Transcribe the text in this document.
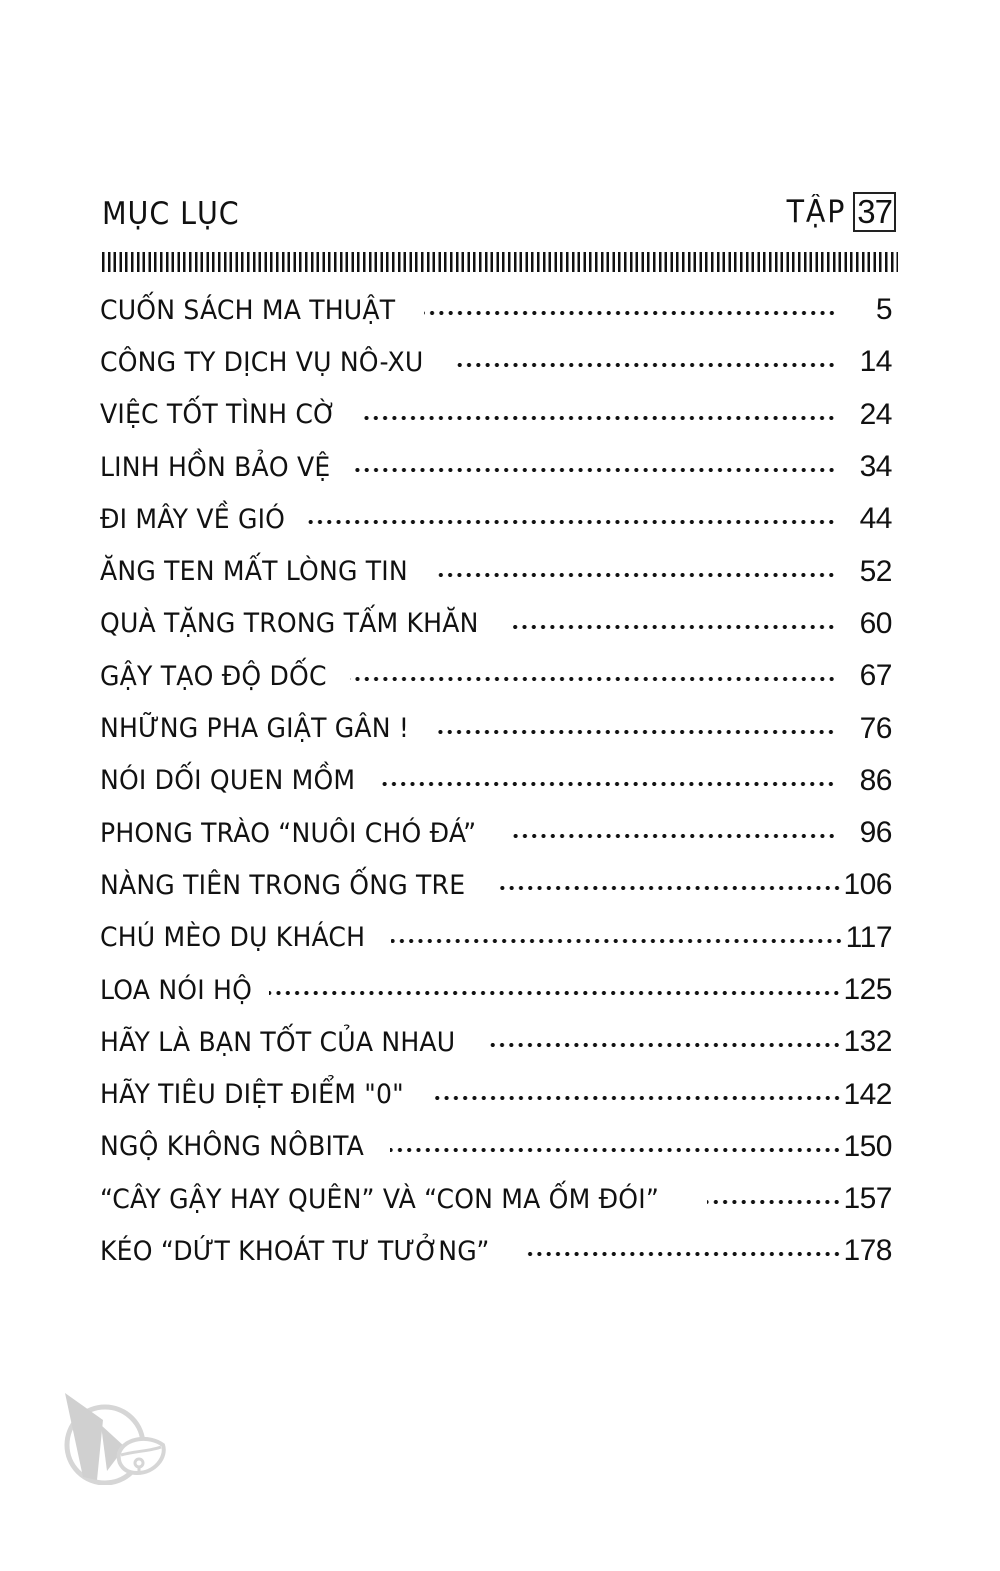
MỤC LỤC	TẬP 37
CUỐN SÁCH MA THUẬT	5
CÔNG TY DỊCH VỤ NÔ-XU	14
VIỆC TỐT TÌNH CỜ	24
LINH HỒN BẢO VỆ	34
ĐI MÂY VỀ GIÓ	44
ĂNG TEN MẤT LÒNG TIN	52
QUÀ TẶNG TRONG TẤM KHĂN	60
GẬY TẠO ĐỘ DỐC	67
NHỮNG PHA GIẬT GÂN !	76
NÓI DỐI QUEN MỒM	86
PHONG TRÀO “NUÔI CHÓ ĐÁ”	96
NÀNG TIÊN TRONG ỐNG TRE	106
CHÚ MÈO DỤ KHÁCH	117
LOA NÓI HỘ	125
HÃY LÀ BẠN TỐT CỦA NHAU	132
HÃY TIÊU DIỆT ĐIỂM "0"	142
NGỘ KHÔNG NÔBITA	150
“CÂY GẬY HAY QUÊN” VÀ “CON MA ỐM ĐÓI”	157
KÉO “DỨT KHOÁT TƯ TƯỞNG”	178
